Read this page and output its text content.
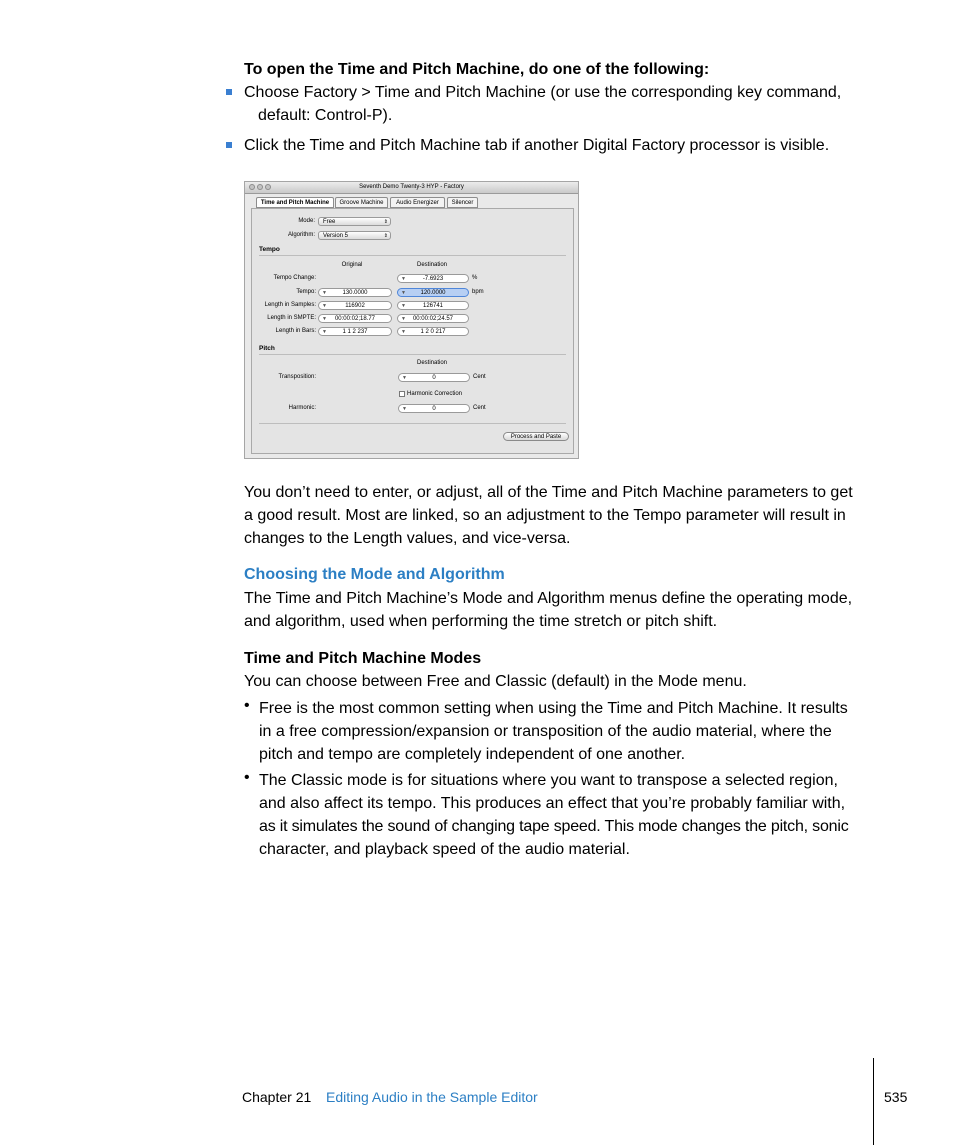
To open the Time and Pitch Machine, do one of the following:
Choose Factory > Time and Pitch Machine (or use the corresponding key command,
default: Control-P).
Click the Time and Pitch Machine tab if another Digital Factory processor is visible.
Seventh Demo Twenty-3 HYP - Factory
Time and Pitch Machine	Groove Machine	Audio Energizer	Silencer
Mode:	Free	⇕
Algorithm:	Version 5	⇕
Tempo
Original	Destination
Tempo Change:	▼	-7.6923	%
Tempo: ▼	130.0000	▼ 120.0000	bpm
Length in Samples: ▼	116902	▼	126741
Length in SMPTE: ▼ 00:00:02;18.77	▼ 00:00:02;24.57
Length in Bars: ▼	1 1 2 237	▼ 1 2 0 217
Pitch
Destination
Transposition:	▼	0	Cent
Harmonic Correction
Harmonic:	▼	0	Cent
Process and Paste
You don’t need to enter, or adjust, all of the Time and Pitch Machine parameters to get
a good result. Most are linked, so an adjustment to the Tempo parameter will result in
changes to the Length values, and vice-versa.
Choosing the Mode and Algorithm
The Time and Pitch Machine’s Mode and Algorithm menus define the operating mode,
and algorithm, used when performing the time stretch or pitch shift.
Time and Pitch Machine Modes
You can choose between Free and Classic (default) in the Mode menu.
• Free is the most common setting when using the Time and Pitch Machine. It results
in a free compression/expansion or transposition of the audio material, where the
pitch and tempo are completely independent of one another.
• The Classic mode is for situations where you want to transpose a selected region,
and also affect its tempo. This produces an effect that you’re probably familiar with,
as it simulates the sound of changing tape speed. This mode changes the pitch, sonic
character, and playback speed of the audio material.
Chapter 21 Editing Audio in the Sample Editor	535
